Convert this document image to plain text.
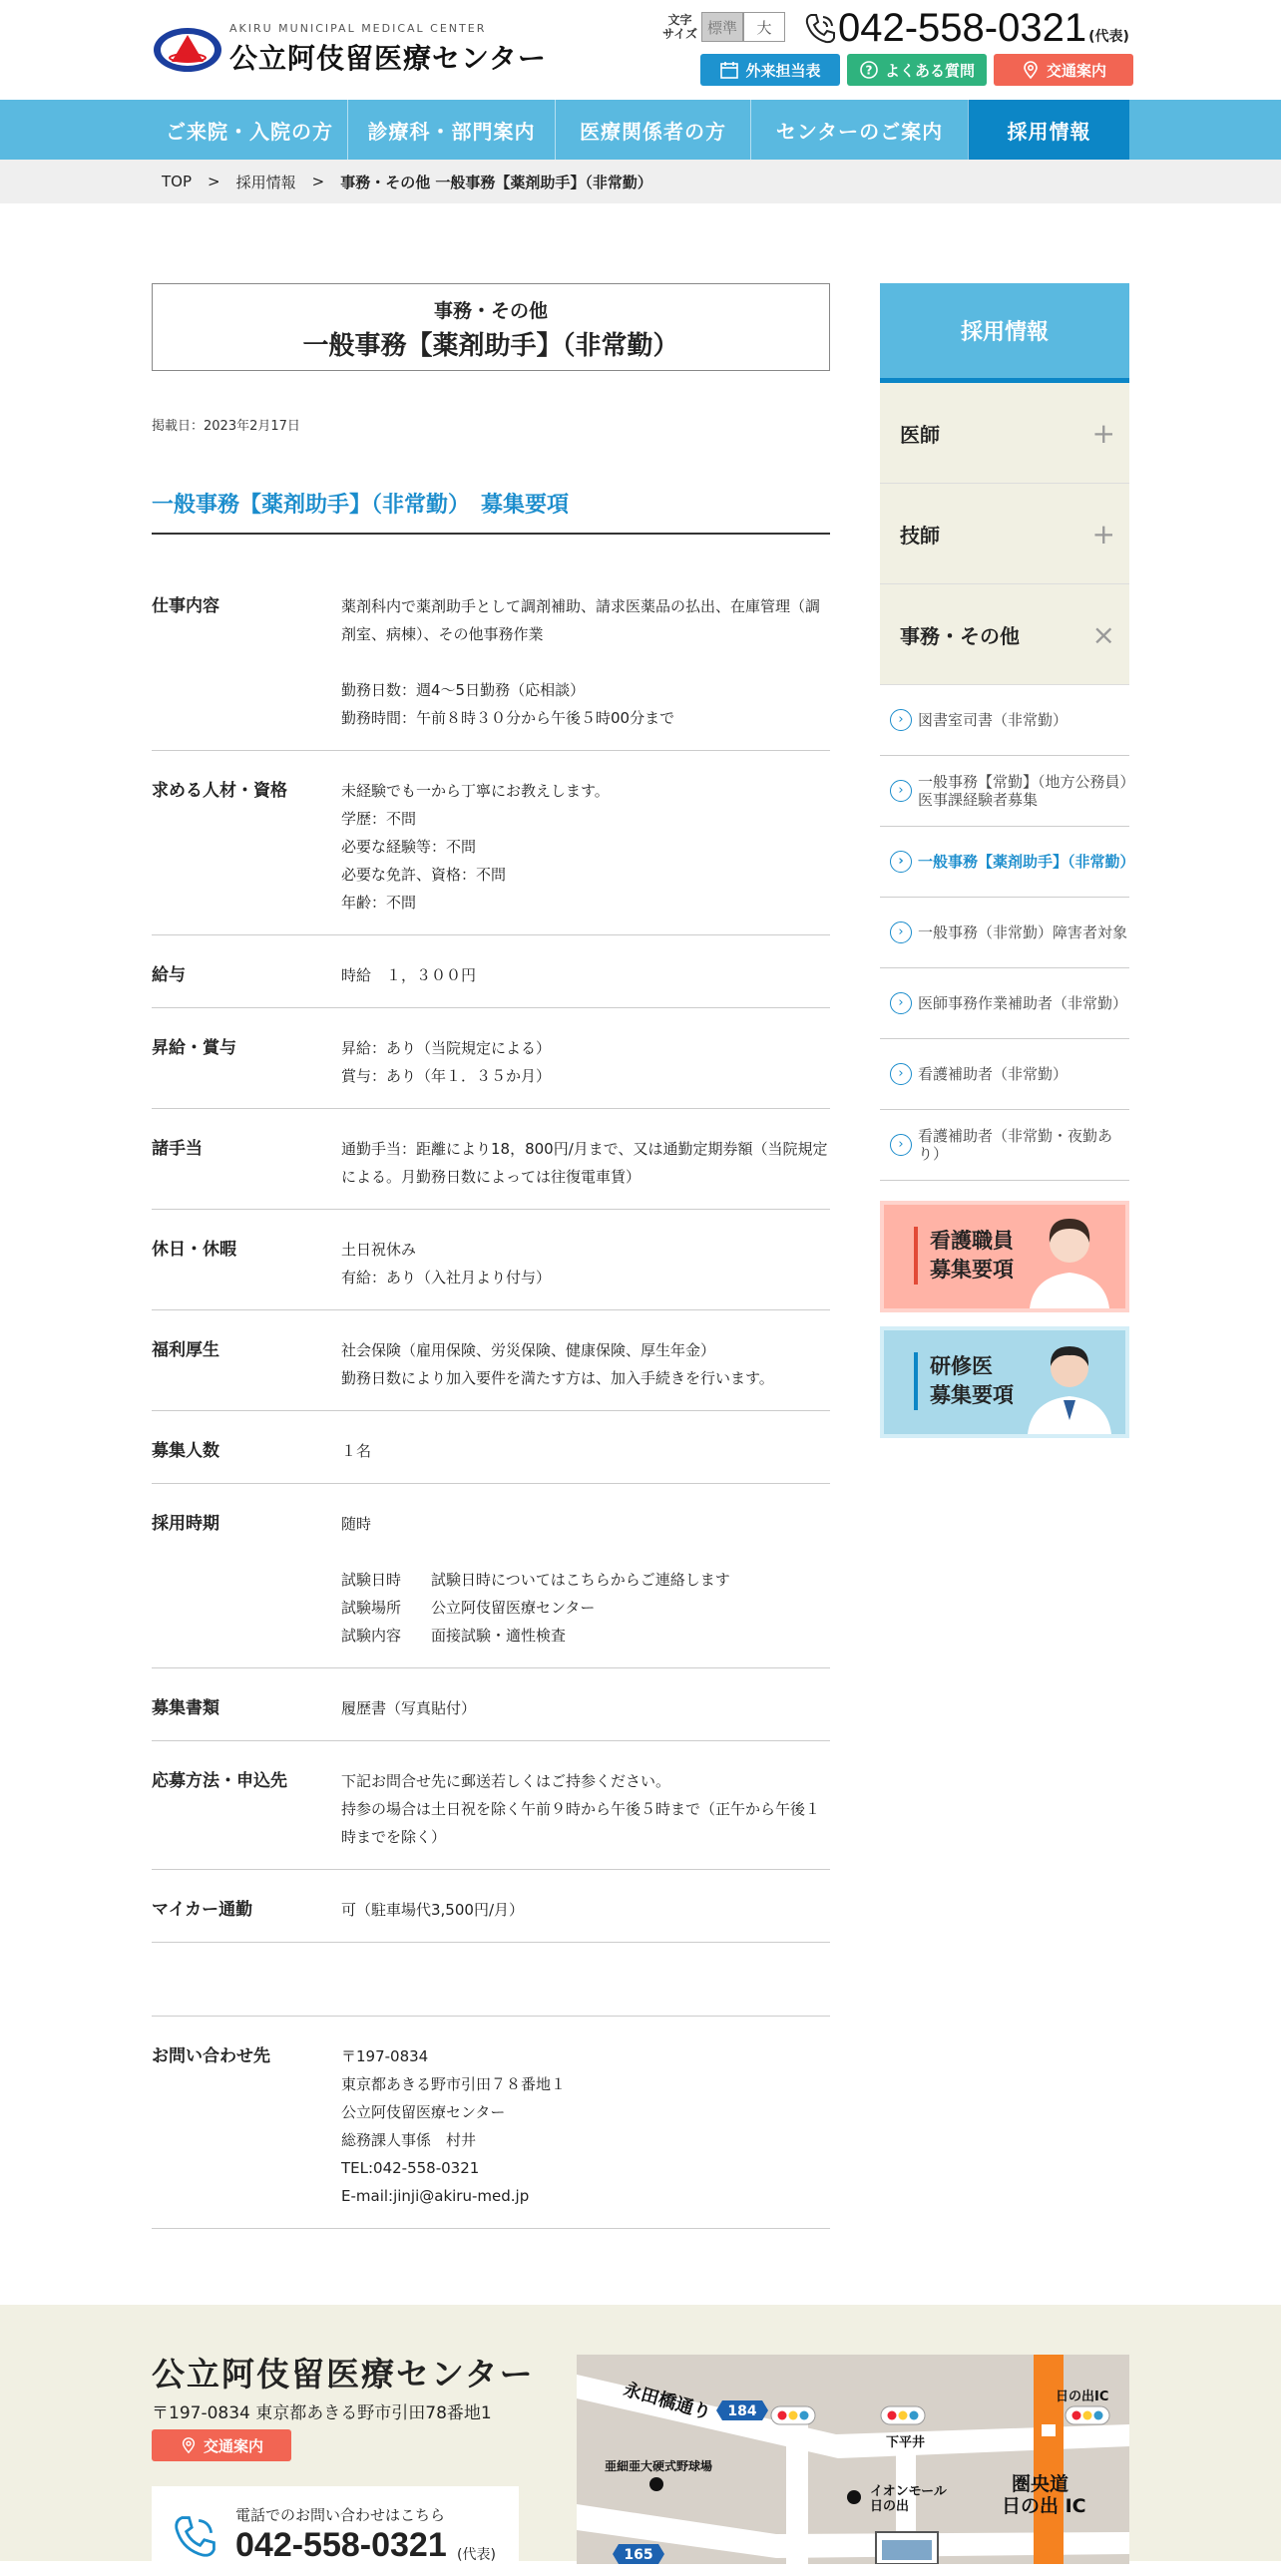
AKIRU MUNICIPAL MEDICAL CENTER
公立阿伎留医療センター
文字
サイズ 標準	大	042-558-0321 (代表)
外来担当表	? よくある質問	交通案内
ご来院・入院の方	診療科・部門案内	医療関係者の方	センターのご案内	採用情報
TOP > 採用情報 > 事務・その他 一般事務【薬剤助手】（非常勤）
事務・その他
一般事務【薬剤助手】（非常勤）
掲載日：2023年2月17日
一般事務【薬剤助手】（非常勤）　募集要項
仕事内容	薬剤科内で薬剤助手として調剤補助、請求医薬品の払出、在庫管理（調剤室、病棟）、その他事務作業

勤務日数：週4～5日勤務（応相談）
勤務時間：午前８時３０分から午後５時00分まで
求める人材・資格	未経験でも一から丁寧にお教えします。
学歴：不問
必要な経験等：不問
必要な免許、資格：不問
年齢：不問
給与	時給　１，３００円
昇給・賞与	昇給：あり（当院規定による）
賞与：あり（年１．３５か月）
諸手当	通勤手当：距離により18，800円/月まで、又は通勤定期券額（当院規定による。月勤務日数によっては往復電車賃）
休日・休暇	土日祝休み
有給：あり（入社月より付与）
福利厚生	社会保険（雇用保険、労災保険、健康保険、厚生年金）
勤務日数により加入要件を満たす方は、加入手続きを行います。
募集人数	１名
採用時期	随時

試験日時　　試験日時についてはこちらからご連絡します
試験場所　　公立阿伎留医療センター
試験内容　　面接試験・適性検査
募集書類	履歴書（写真貼付）
応募方法・申込先	下記お問合せ先に郵送若しくはご持参ください。
持参の場合は土日祝を除く午前９時から午後５時まで（正午から午後１時までを除く）
マイカー通勤	可（駐車場代3,500円/月）
お問い合わせ先	〒197-0834
東京都あきる野市引田７８番地１
公立阿伎留医療センター
総務課人事係　村井
TEL:042-558-0321
E-mail:jinji@akiru-med.jp
採用情報
医師	+
技師	+
事務・その他	×
› 図書室司書（非常勤）
› 一般事務【常勤】（地方公務員）　医事課経験者募集
› 一般事務【薬剤助手】（非常勤）
› 一般事務（非常勤）障害者対象
› 医師事務作業補助者（非常勤）
› 看護補助者（非常勤）
› 看護補助者（非常勤・夜勤あり）
看護職員
募集要項
研修医
募集要項
公立阿伎留医療センター
〒197-0834 東京都あきる野市引田78番地1
交通案内
電話でのお問い合わせはこちら
042-558-0321 (代表)
184
165
永田橋通り
下平井
日の出IC
亜細亜大硬式野球場
イオンモール 日の出
圏央道 日の出 IC
